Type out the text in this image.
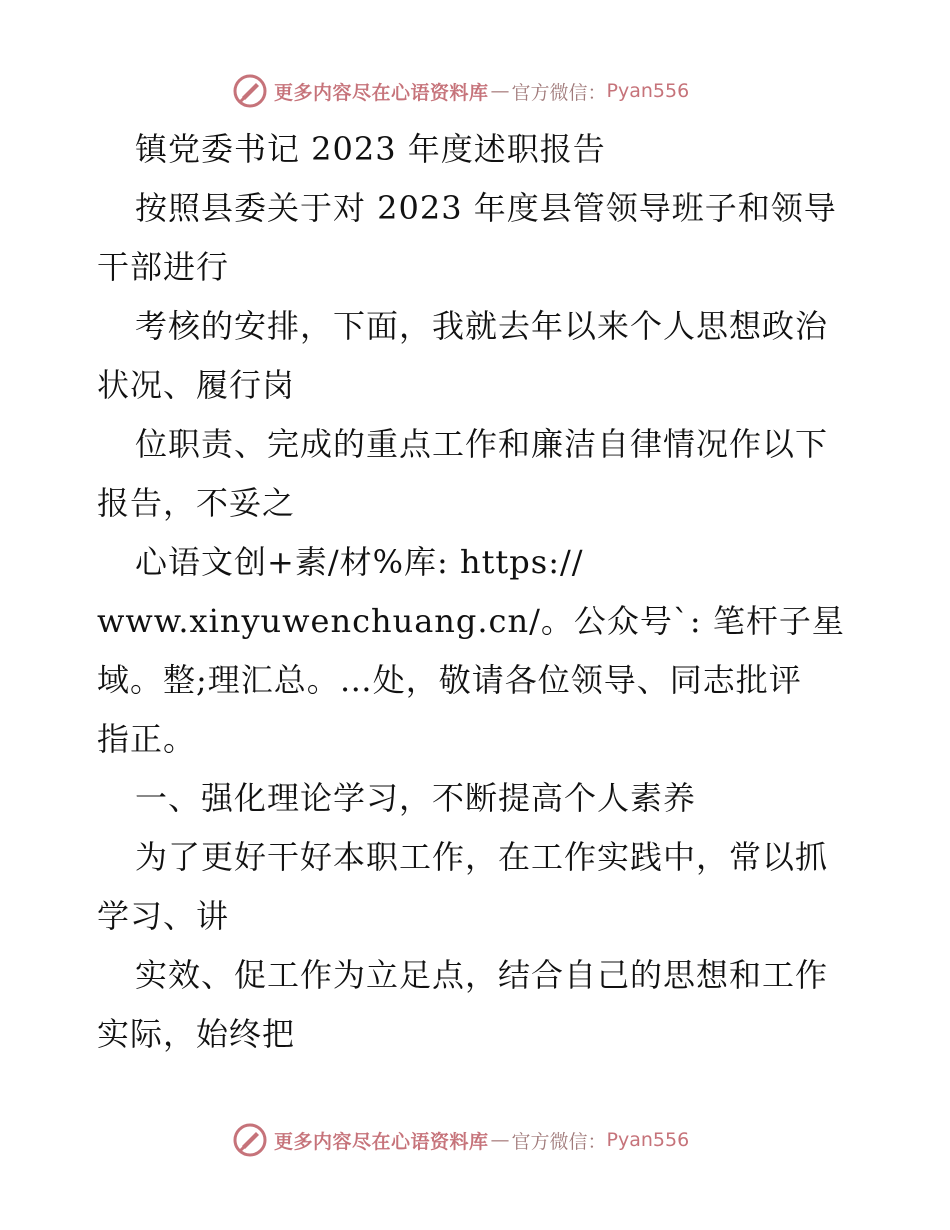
更多内容尽在心语资料库 — 官方微信： Pyan556
镇党委书记 2023 年度述职报告
按照县委关于对 2023 年度县管领导班子和领导
干部进行
考核的安排，下面，我就去年以来个人思想政治
状况、履行岗
位职责、完成的重点工作和廉洁自律情况作以下
报告，不妥之
心语文创+素/材%库: https://
www.xinyuwenchuang.cn/。公众号`: 笔杆子星
域。整;理汇总。…处，敬请各位领导、同志批评
指正。
一、强化理论学习，不断提高个人素养
为了更好干好本职工作，在工作实践中，常以抓
学习、讲
实效、促工作为立足点，结合自己的思想和工作
实际，始终把
更多内容尽在心语资料库 — 官方微信： Pyan556
